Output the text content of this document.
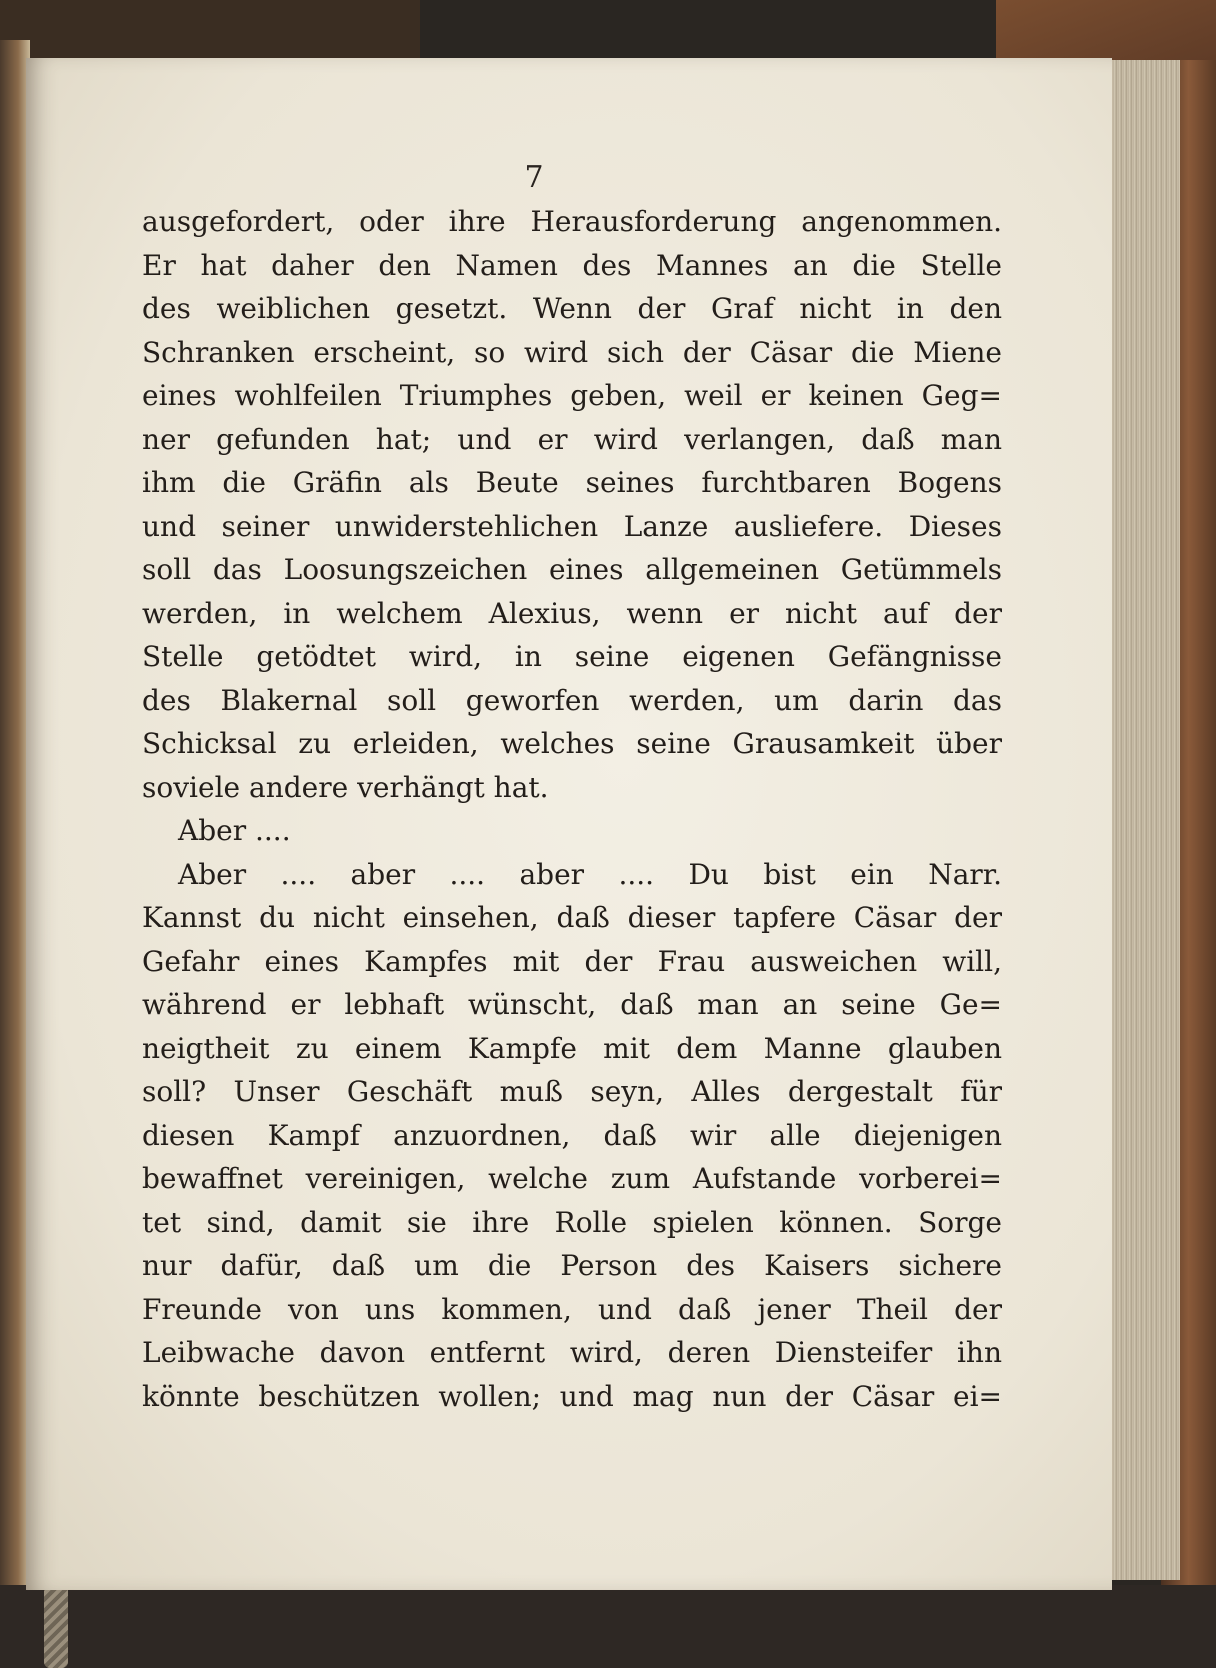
7
ausgefordert, oder ihre Herausforderung angenommen.
Er hat daher den Namen des Mannes an die Stelle
des weiblichen gesetzt. Wenn der Graf nicht in den
Schranken erscheint, so wird sich der Cäsar die Miene
eines wohlfeilen Triumphes geben, weil er keinen Geg=
ner gefunden hat; und er wird verlangen, daß man
ihm die Gräfin als Beute seines furchtbaren Bogens
und seiner unwiderstehlichen Lanze ausliefere. Dieses
soll das Loosungszeichen eines allgemeinen Getümmels
werden, in welchem Alexius, wenn er nicht auf der
Stelle getödtet wird, in seine eigenen Gefängnisse
des Blakernal soll geworfen werden, um darin das
Schicksal zu erleiden, welches seine Grausamkeit über
soviele andere verhängt hat.
Aber ....
Aber .... aber .... aber .... Du bist ein Narr.
Kannst du nicht einsehen, daß dieser tapfere Cäsar der
Gefahr eines Kampfes mit der Frau ausweichen will,
während er lebhaft wünscht, daß man an seine Ge=
neigtheit zu einem Kampfe mit dem Manne glauben
soll? Unser Geschäft muß seyn, Alles dergestalt für
diesen Kampf anzuordnen, daß wir alle diejenigen
bewaffnet vereinigen, welche zum Aufstande vorberei=
tet sind, damit sie ihre Rolle spielen können. Sorge
nur dafür, daß um die Person des Kaisers sichere
Freunde von uns kommen, und daß jener Theil der
Leibwache davon entfernt wird, deren Diensteifer ihn
könnte beschützen wollen; und mag nun der Cäsar ei=
